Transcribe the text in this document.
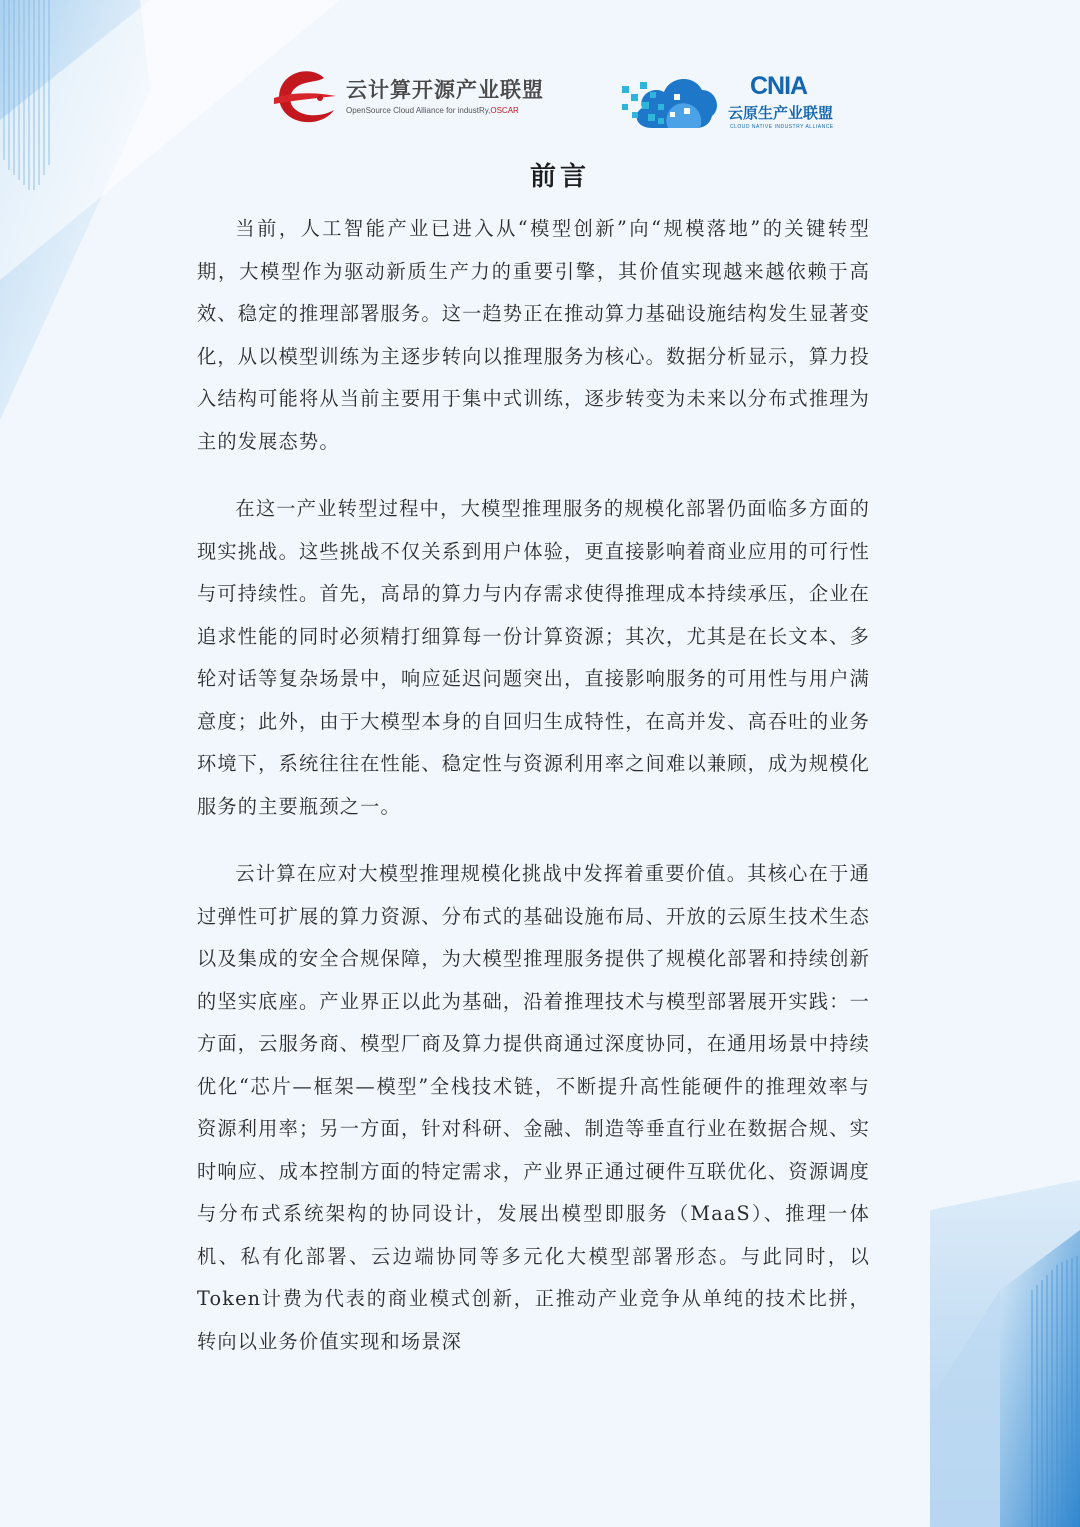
云计算开源产业联盟
OpenSource Cloud Alliance for industRy,OSCAR
CNIA
云原生产业联盟
CLOUD NATIVE INDUSTRY ALLIANCE
前言

当前，人工智能产业已进入从“模型创新”向“规模落地”的关键转型期，大模型作为驱动新质生产力的重要引擎，其价值实现越来越依赖于高效、稳定的推理部署服务。这一趋势正在推动算力基础设施结构发生显著变化，从以模型训练为主逐步转向以推理服务为核心。数据分析显示，算力投入结构可能将从当前主要用于集中式训练，逐步转变为未来以分布式推理为主的发展态势。

在这一产业转型过程中，大模型推理服务的规模化部署仍面临多方面的现实挑战。这些挑战不仅关系到用户体验，更直接影响着商业应用的可行性与可持续性。首先，高昂的算力与内存需求使得推理成本持续承压，企业在追求性能的同时必须精打细算每一份计算资源；其次，尤其是在长文本、多轮对话等复杂场景中，响应延迟问题突出，直接影响服务的可用性与用户满意度；此外，由于大模型本身的自回归生成特性，在高并发、高吞吐的业务环境下，系统往往在性能、稳定性与资源利用率之间难以兼顾，成为规模化服务的主要瓶颈之一。

云计算在应对大模型推理规模化挑战中发挥着重要价值。其核心在于通过弹性可扩展的算力资源、分布式的基础设施布局、开放的云原生技术生态以及集成的安全合规保障，为大模型推理服务提供了规模化部署和持续创新的坚实底座。产业界正以此为基础，沿着推理技术与模型部署展开实践：一方面，云服务商、模型厂商及算力提供商通过深度协同，在通用场景中持续优化“芯片—框架—模型”全栈技术链，不断提升高性能硬件的推理效率与资源利用率；另一方面，针对科研、金融、制造等垂直行业在数据合规、实时响应、成本控制方面的特定需求，产业界正通过硬件互联优化、资源调度与分布式系统架构的协同设计，发展出模型即服务（MaaS）、推理一体机、私有化部署、云边端协同等多元化大模型部署形态。与此同时，以Token计费为代表的商业模式创新，正推动产业竞争从单纯的技术比拼，转向以业务价值实现和场景深
